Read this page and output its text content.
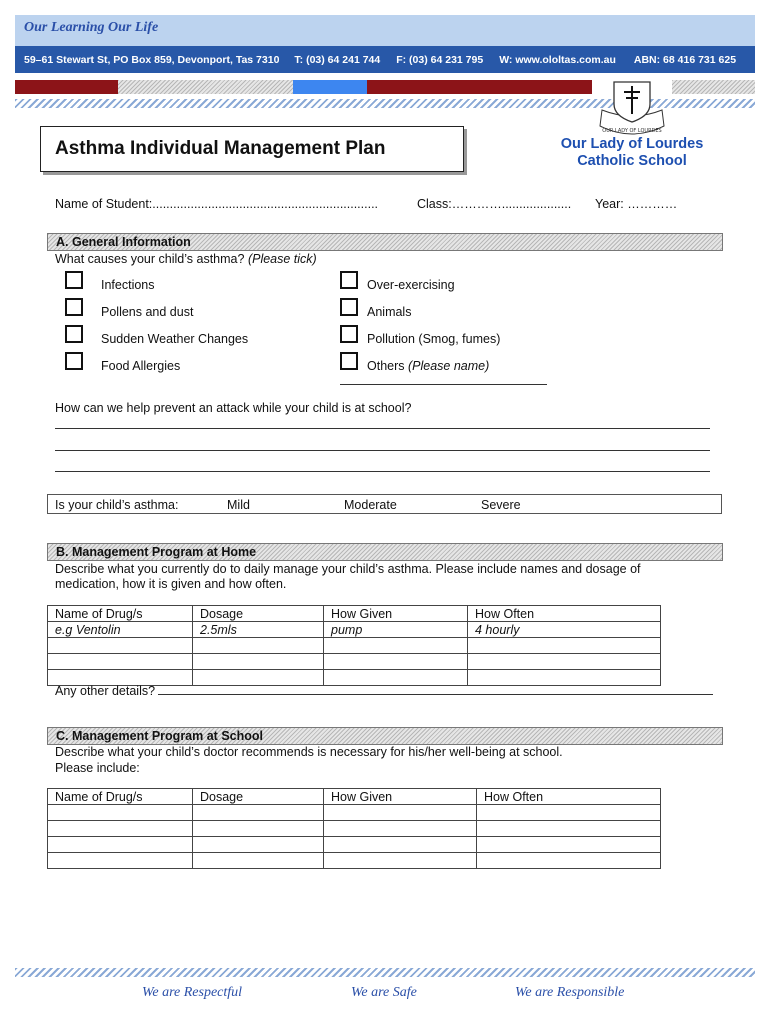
Our Learning Our Life
59–61 Stewart St, PO Box 859, Devonport, Tas 7310 T: (03) 64 241 744 F: (03) 64 231 795 W: www.ololtas.com.au ABN: 68 416 731 625
OUR LADY OF LOURDES
Asthma Individual Management Plan	Our Lady of Lourdes
Catholic School
Name of Student:.................................................................	Class:………….................... Year: …………
A. General Information
What causes your child’s asthma? (Please tick)
Infections
Pollens and dust
Sudden Weather Changes
Food Allergies
Over-exercising
Animals
Pollution (Smog, fumes)
Others (Please name)
How can we help prevent an attack while your child is at school?
Is your child’s asthma:	Mild	Moderate	Severe
B. Management Program at Home
Describe what you currently do to daily manage your child’s asthma. Please include names and dosage of
medication, how it is given and how often.
Name of Drug/s	Dosage	How Given	How Often
e.g Ventolin	2.5mls	pump	4 hourly

Any other details?
C. Management Program at School
Describe what your child’s doctor recommends is necessary for his/her well-being at school.
Please include:
Name of Drug/s	Dosage	How Given	How Often

We are Respectful	We are Safe	We are Responsible
